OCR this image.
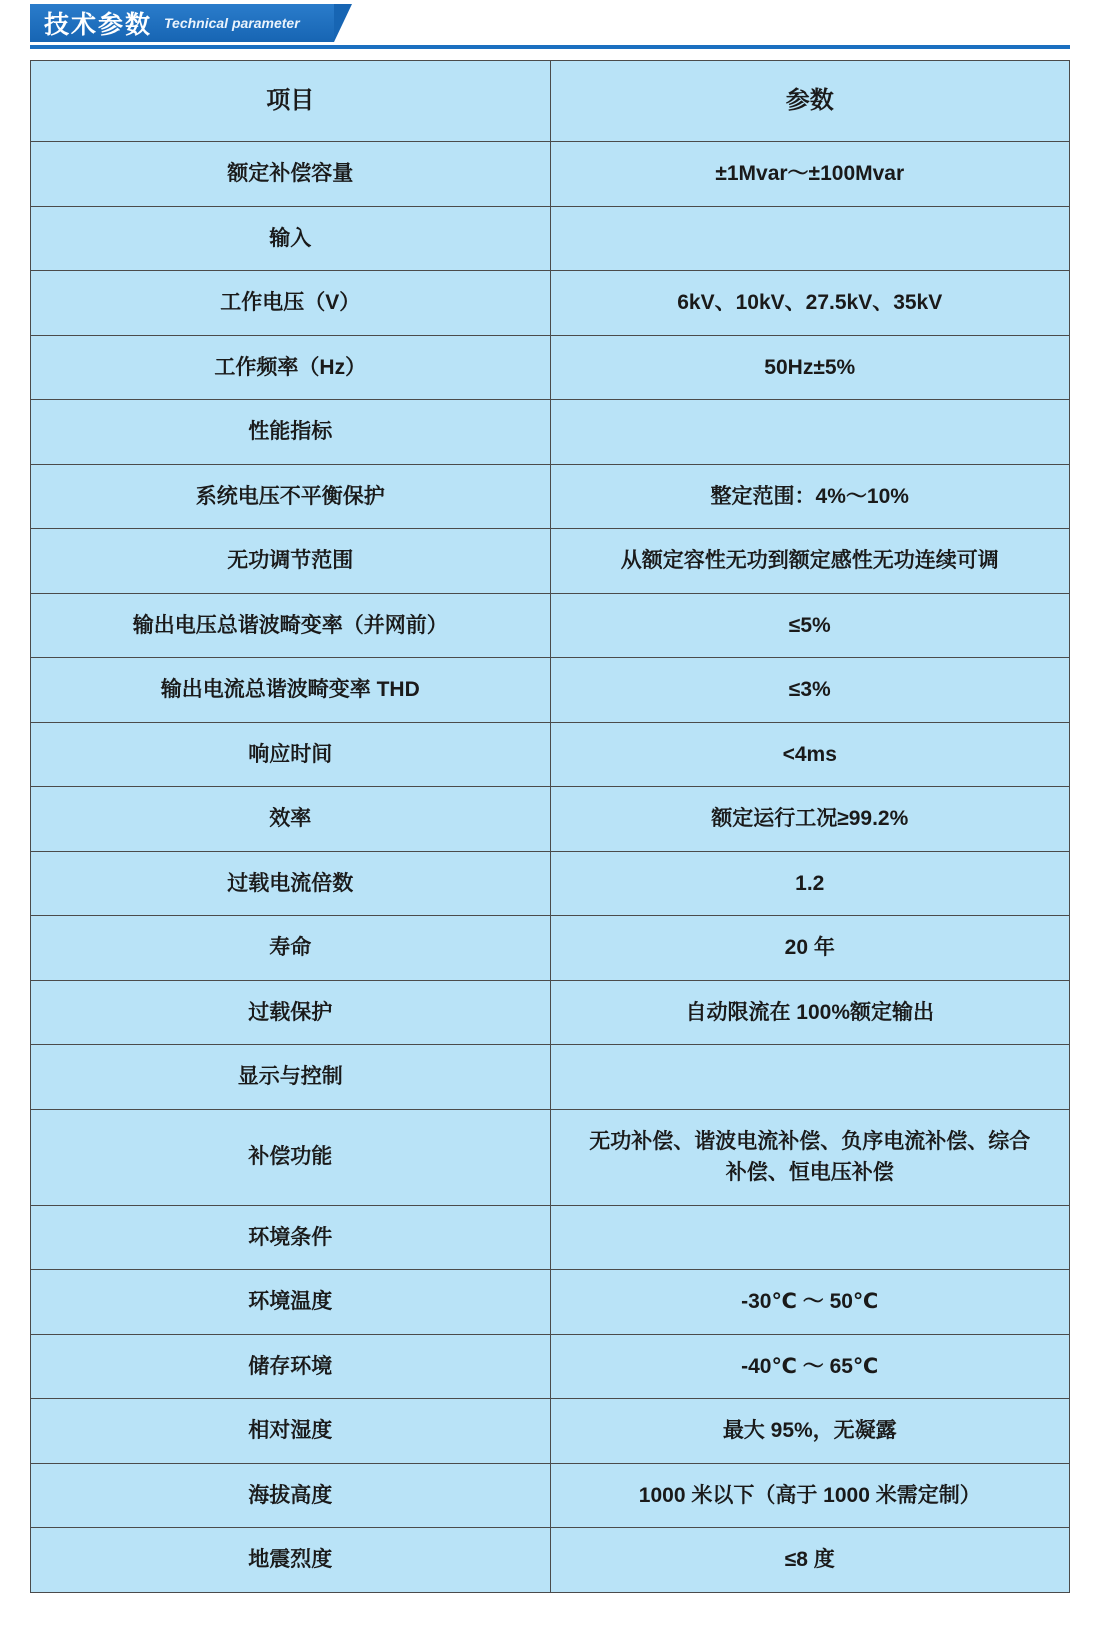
技术参数 Technical parameter
项目	参数
额定补偿容量	±1Mvar～±100Mvar
输入	
工作电压（V）	6kV、10kV、27.5kV、35kV
工作频率（Hz）	50Hz±5%
性能指标	
系统电压不平衡保护	整定范围：4%～10%
无功调节范围	从额定容性无功到额定感性无功连续可调
输出电压总谐波畸变率（并网前）	≤5%
输出电流总谐波畸变率 THD	≤3%
响应时间	<4ms
效率	额定运行工况≥99.2%
过载电流倍数	1.2
寿命	20 年
过载保护	自动限流在 100%额定输出
显示与控制	
补偿功能	无功补偿、谐波电流补偿、负序电流补偿、综合补偿、恒电压补偿

环境条件	
环境温度	-30℃ ～ 50℃
储存环境	-40℃ ～ 65℃
相对湿度	最大 95%，无凝露
海拔高度	1000 米以下（高于 1000 米需定制）
地震烈度	≤8 度
